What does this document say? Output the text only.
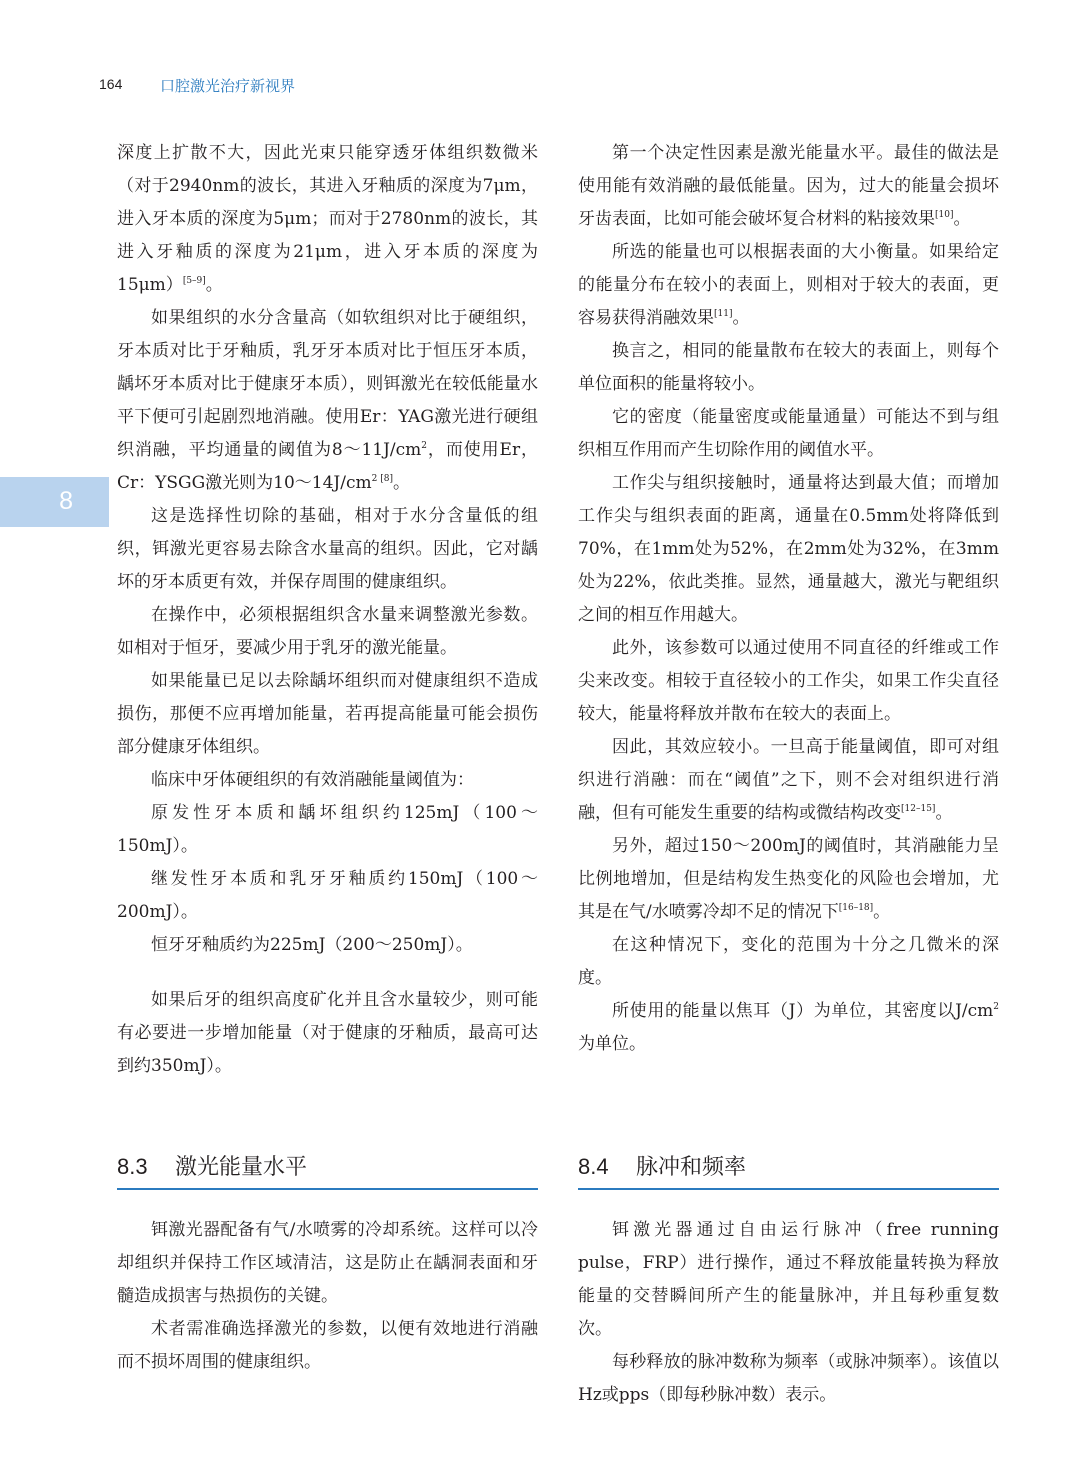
164	口腔激光治疗新视界
8

深度上扩散不大，因此光束只能穿透牙体组织数微米（对于2940nm的波长，其进入牙釉质的深度为7μm，进入牙本质的深度为5μm；而对于2780nm的波长，其进入牙釉质的深度为21μm，进入牙本质的深度为15μm）[5–9]。

如果组织的水分含量高（如软组织对比于硬组织，牙本质对比于牙釉质，乳牙牙本质对比于恒压牙本质，龋坏牙本质对比于健康牙本质），则铒激光在较低能量水平下便可引起剧烈地消融。使用Er：YAG激光进行硬组织消融，平均通量的阈值为$8\sim 11J/cm^2$，而使用Er，Cr：YSGG激光则为$10\sim 14J/cm^{2 [8]}$。

这是选择性切除的基础，相对于水分含量低的组织，铒激光更容易去除含水量高的组织。因此，它对龋坏的牙本质更有效，并保存周围的健康组织。

在操作中，必须根据组织含水量来调整激光参数。如相对于恒牙，要减少用于乳牙的激光能量。

如果能量已足以去除龋坏组织而对健康组织不造成损伤，那便不应再增加能量，若再提高能量可能会损伤部分健康牙体组织。

临床中牙体硬组织的有效消融能量阈值为：

原发性牙本质和龋坏组织约125mJ（100～150mJ）。

继发性牙本质和乳牙牙釉质约150mJ（100～200mJ）。

恒牙牙釉质约为225mJ（200～250mJ）。

如果后牙的组织高度矿化并且含水量较少，则可能有必要进一步增加能量（对于健康的牙釉质，最高可达到约350mJ）。

第一个决定性因素是激光能量水平。最佳的做法是使用能有效消融的最低能量。因为，过大的能量会损坏牙齿表面，比如可能会破坏复合材料的粘接效果[10]。

所选的能量也可以根据表面的大小衡量。如果给定的能量分布在较小的表面上，则相对于较大的表面，更容易获得消融效果[11]。

换言之，相同的能量散布在较大的表面上，则每个单位面积的能量将较小。

它的密度（能量密度或能量通量）可能达不到与组织相互作用而产生切除作用的阈值水平。

工作尖与组织接触时，通量将达到最大值；而增加工作尖与组织表面的距离，通量在0.5mm处将降低到70%，在1mm处为52%，在2mm处为32%，在3mm处为22%，依此类推。显然，通量越大，激光与靶组织之间的相互作用越大。

此外，该参数可以通过使用不同直径的纤维或工作尖来改变。相较于直径较小的工作尖，如果工作尖直径较大，能量将释放并散布在较大的表面上。

因此，其效应较小。一旦高于能量阈值，即可对组织进行消融：而在“阈值”之下，则不会对组织进行消融，但有可能发生重要的结构或微结构改变[12–15]。

另外，超过150～200mJ的阈值时，其消融能力呈比例地增加，但是结构发生热变化的风险也会增加，尤其是在气/水喷雾冷却不足的情况下[16–18]。

在这种情况下，变化的范围为十分之几微米的深度。

所使用的能量以焦耳（J）为单位，其密度以$J/cm^2$为单位。

8.3 激光能量水平

铒激光器配备有气/水喷雾的冷却系统。这样可以冷却组织并保持工作区域清洁，这是防止在龋洞表面和牙髓造成损害与热损伤的关键。

术者需准确选择激光的参数，以便有效地进行消融而不损坏周围的健康组织。

8.4 脉冲和频率

铒激光器通过自由运行脉冲（free running pulse，FRP）进行操作，通过不释放能量转换为释放能量的交替瞬间所产生的能量脉冲，并且每秒重复数次。

每秒释放的脉冲数称为频率（或脉冲频率）。该值以Hz或pps（即每秒脉冲数）表示。
